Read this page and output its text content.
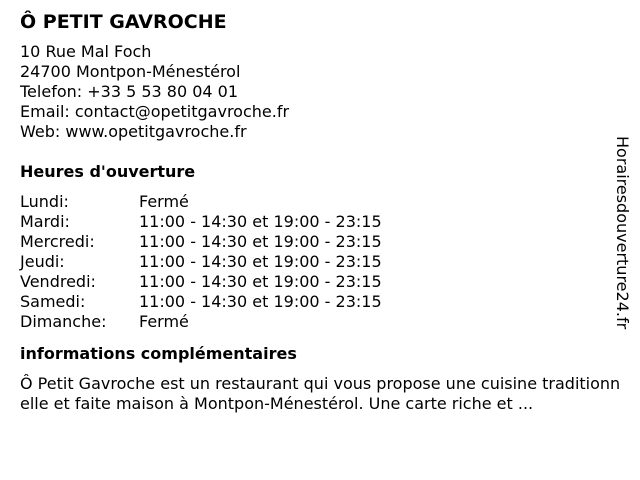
Ô PETIT GAVROCHE
10 Rue Mal Foch
24700 Montpon-Ménestérol
Telefon: +33 5 53 80 04 01
Email: contact@opetitgavroche.fr
Web: www.opetitgavroche.fr
Heures d'ouverture
Lundi:	Fermé
Mardi:	11:00 - 14:30 et 19:00 - 23:15
Mercredi:	11:00 - 14:30 et 19:00 - 23:15
Jeudi:	11:00 - 14:30 et 19:00 - 23:15
Vendredi:	11:00 - 14:30 et 19:00 - 23:15
Samedi:	11:00 - 14:30 et 19:00 - 23:15
Dimanche: Fermé
informations complémentaires
Ô Petit Gavroche est un restaurant qui vous propose une cuisine traditionnelle et faite maison à Montpon-Ménestérol. Une carte riche et ...
Horairesdouverture24.fr
